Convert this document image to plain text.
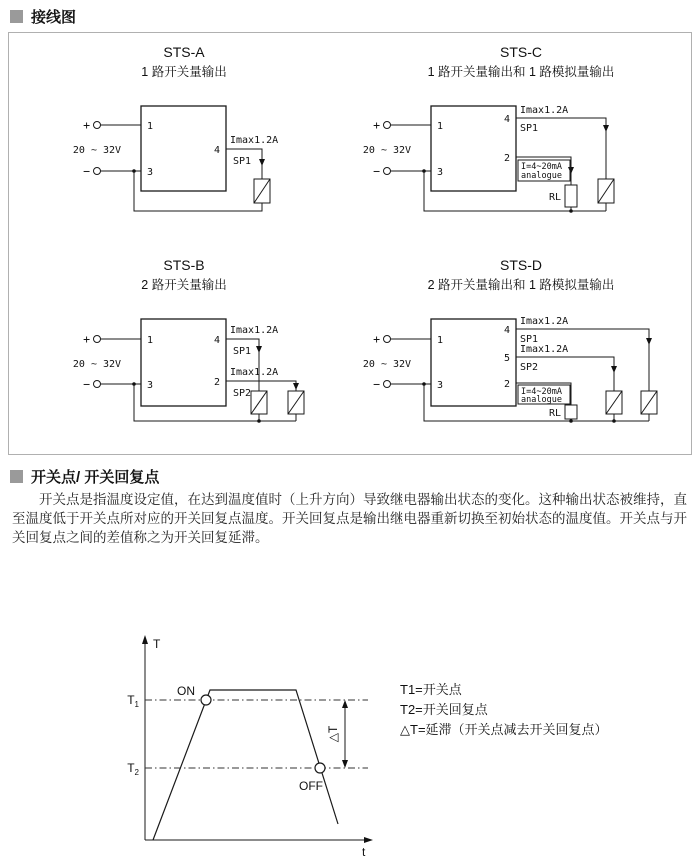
接线图
STS-A
1 路开关量输出
+
−
20 ~ 32V
1
3
4
Imax1.2A
SP1
STS-C
1 路开关量输出和 1 路模拟量输出
+
−
20 ~ 32V
1
3
4
2
Imax1.2A
SP1
I=4~20mA
analogue
RL
STS-B
2 路开关量输出
+
−
20 ~ 32V
1
3
4
2
Imax1.2A
SP1
Imax1.2A
SP2
STS-D
2 路开关量输出和 1 路模拟量输出
+
−
20 ~ 32V
1
3
4
5
2
Imax1.2A
SP1
Imax1.2A
SP2
I=4~20mA
analogue
RL
开关点/ 开关回复点

开关点是指温度设定值，在达到温度值时（上升方向）导致继电器输出状态的变化。这种输出状态被维持，直至温度低于开关点所对应的开关回复点温度。开关回复点是输出继电器重新切换至初始状态的温度值。开关点与开关回复点之间的差值称之为开关回复延滞。

T
t
$T_1$
$T_2$
ON
OFF
△T
T1=开关点
T2=开关回复点
△T=延滞（开关点减去开关回复点）
